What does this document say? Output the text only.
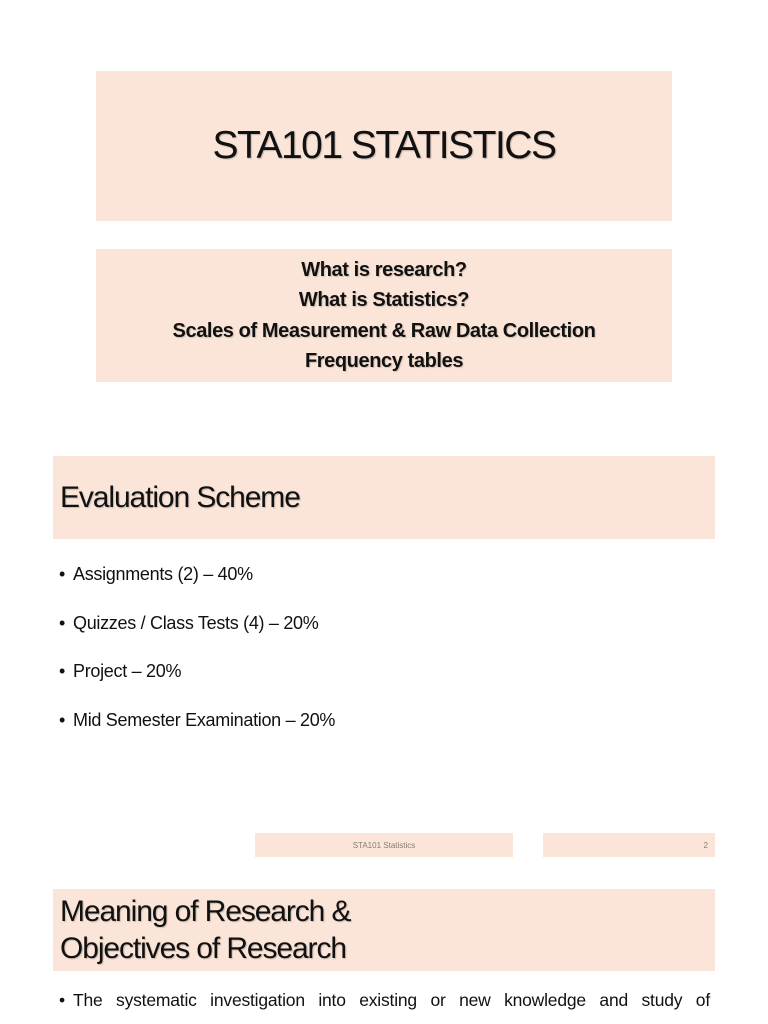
STA101 STATISTICS
What is research?
What is Statistics?
Scales of Measurement & Raw Data Collection
Frequency tables
Evaluation Scheme
• Assignments (2) – 40%
• Quizzes / Class Tests (4) – 20%
• Project – 20%
• Mid Semester Examination – 20%
STA101 Statistics	2
Meaning of Research &
Objectives of Research
• The systematic investigation into existing or new knowledge and study of
